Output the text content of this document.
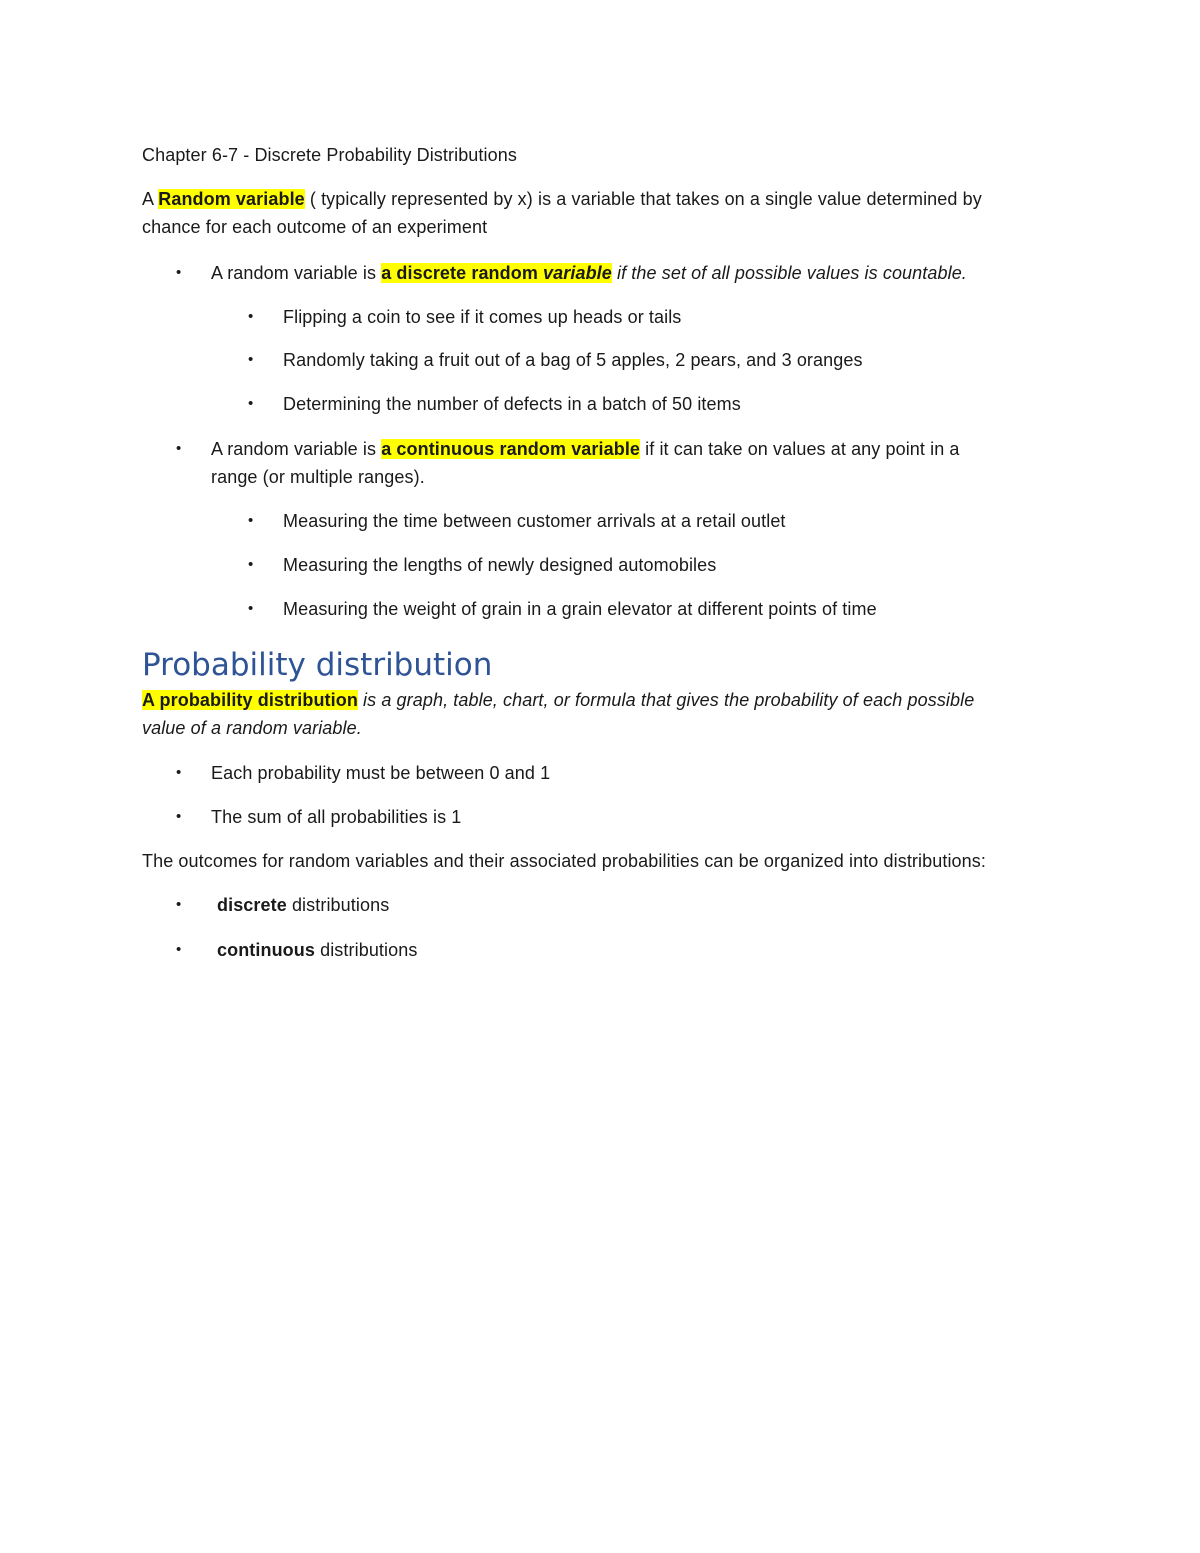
Chapter 6-7 - Discrete Probability Distributions
A Random variable ( typically represented by x) is a variable that takes on a single value determined by
chance for each outcome of an experiment
• A random variable is a discrete random variable if the set of all possible values is countable.
• Flipping a coin to see if it comes up heads or tails
• Randomly taking a fruit out of a bag of 5 apples, 2 pears, and 3 oranges
• Determining the number of defects in a batch of 50 items
• A random variable is a continuous random variable if it can take on values at any point in a
range (or multiple ranges).
• Measuring the time between customer arrivals at a retail outlet
• Measuring the lengths of newly designed automobiles
• Measuring the weight of grain in a grain elevator at different points of time
Probability distribution
A probability distribution is a graph, table, chart, or formula that gives the probability of each possible
value of a random variable.
• Each probability must be between 0 and 1
• The sum of all probabilities is 1
The outcomes for random variables and their associated probabilities can be organized into distributions:
• discrete distributions
• continuous distributions
